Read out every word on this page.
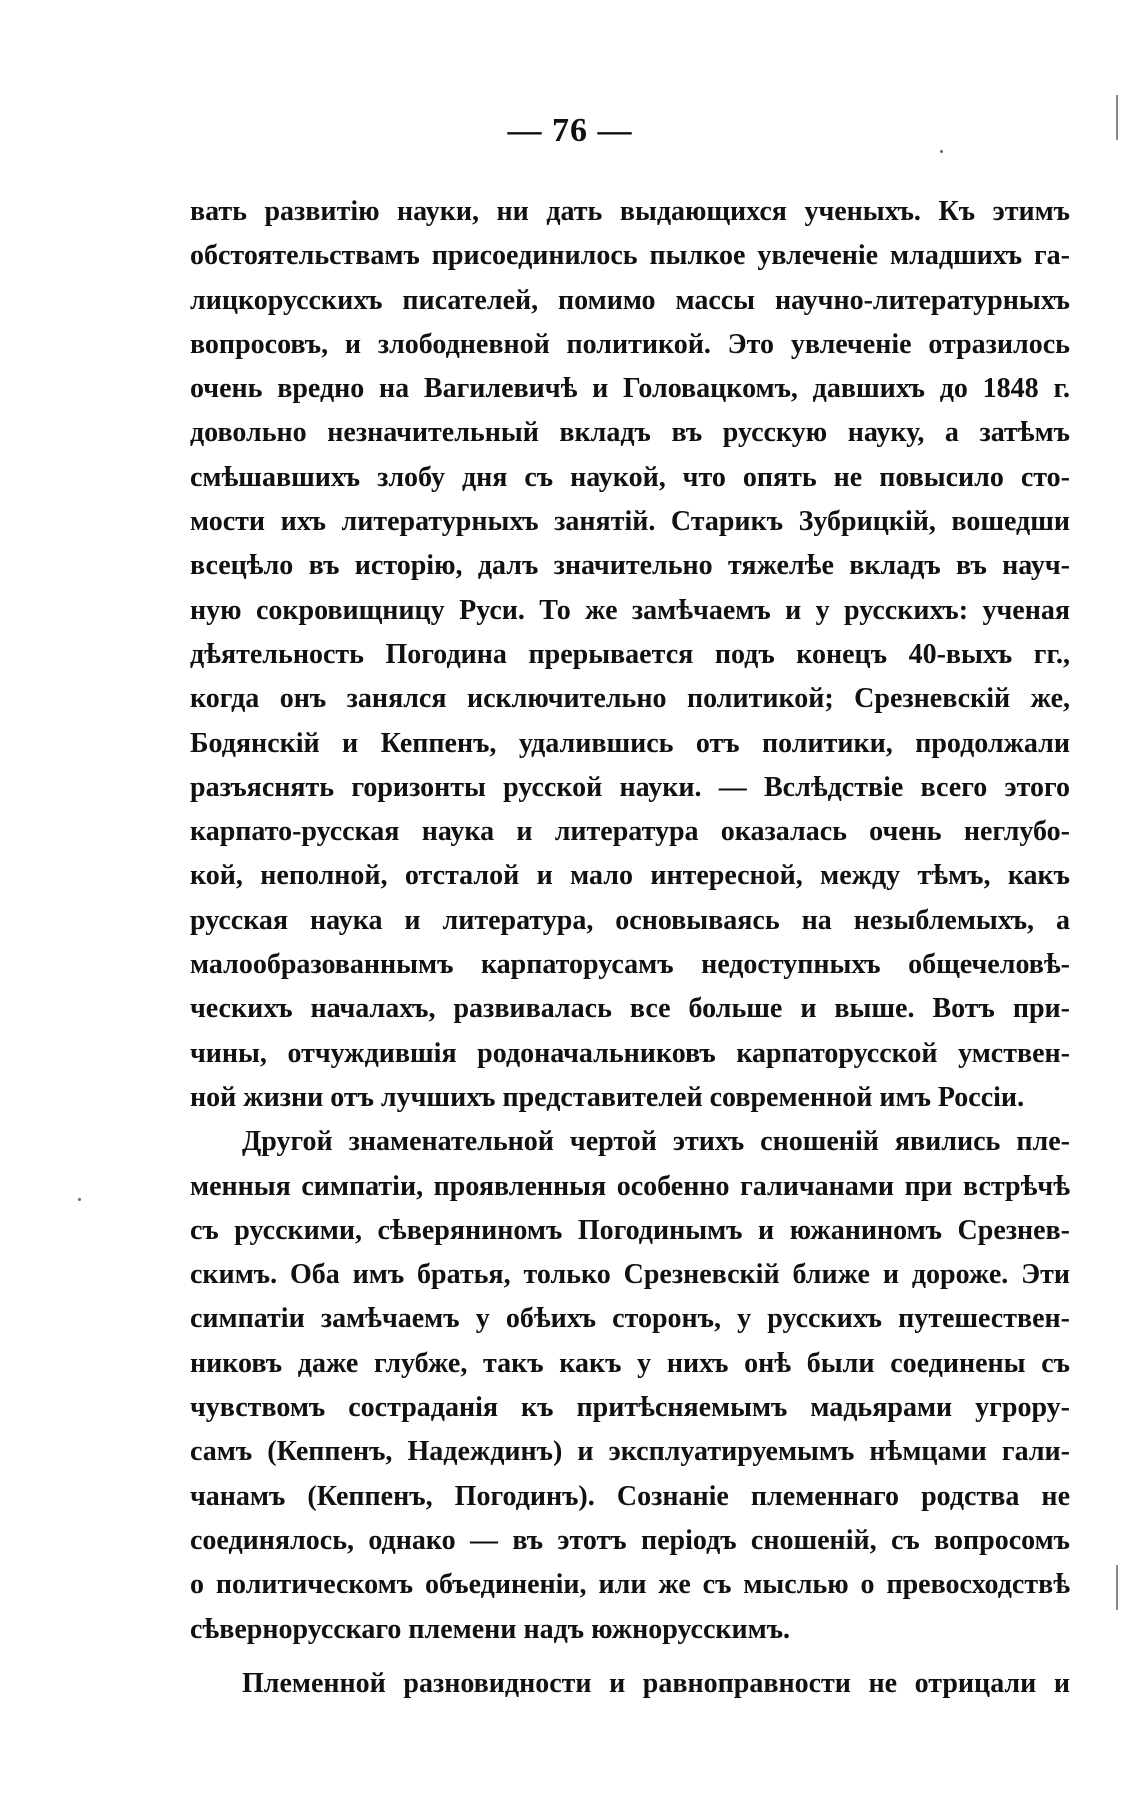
— 76 —
вать развитію науки, ни дать выдающихся ученыхъ. Къ этимъ
обстоятельствамъ присоединилось пылкое увлеченіе младшихъ га-
лицкорусскихъ писателей, помимо массы научно-литературныхъ
вопросовъ, и злободневной политикой. Это увлеченіе отразилось
очень вредно на Вагилевичѣ и Головацкомъ, давшихъ до 1848 г.
довольно незначительный вкладъ въ русскую науку, а затѣмъ
смѣшавшихъ злобу дня съ наукой, что опять не повысило сто-
мости ихъ литературныхъ занятій. Старикъ Зубрицкій, вошедши
всецѣло въ исторію, далъ значительно тяжелѣе вкладъ въ науч-
ную сокровищницу Руси. То же замѣчаемъ и у русскихъ: ученая
дѣятельность Погодина прерывается подъ конецъ 40-выхъ гг.,
когда онъ занялся исключительно политикой; Срезневскій же,
Бодянскій и Кеппенъ, удалившись отъ политики, продолжали
разъяснять горизонты русской науки. — Вслѣдствіе всего этого
карпато-русская наука и литература оказалась очень неглубо-
кой, неполной, отсталой и мало интересной, между тѣмъ, какъ
русская наука и литература, основываясь на незыблемыхъ, а
малообразованнымъ карпаторусамъ недоступныхъ общечеловѣ-
ческихъ началахъ, развивалась все больше и выше. Вотъ при-
чины, отчуждившія родоначальниковъ карпаторусской умствен-
ной жизни отъ лучшихъ представителей современной имъ Россіи.
Другой знаменательной чертой этихъ сношеній явились пле-
менныя симпатіи, проявленныя особенно галичанами при встрѣчѣ
съ русскими, сѣверяниномъ Погодинымъ и южаниномъ Срезнев-
скимъ. Оба имъ братья, только Срезневскій ближе и дороже. Эти
симпатіи замѣчаемъ у обѣихъ сторонъ, у русскихъ путешествен-
никовъ даже глубже, такъ какъ у нихъ онѣ были соединены съ
чувствомъ состраданія къ притѣсняемымъ мадьярами угрору-
самъ (Кеппенъ, Надеждинъ) и эксплуатируемымъ нѣмцами гали-
чанамъ (Кеппенъ, Погодинъ). Сознаніе племеннаго родства не
соединялось, однако — въ этотъ періодъ сношеній, съ вопросомъ
о политическомъ объединеніи, или же съ мыслью о превосходствѣ
сѣвернорусскаго племени надъ южнорусскимъ.
Племенной разновидности и равноправности не отрицали и
